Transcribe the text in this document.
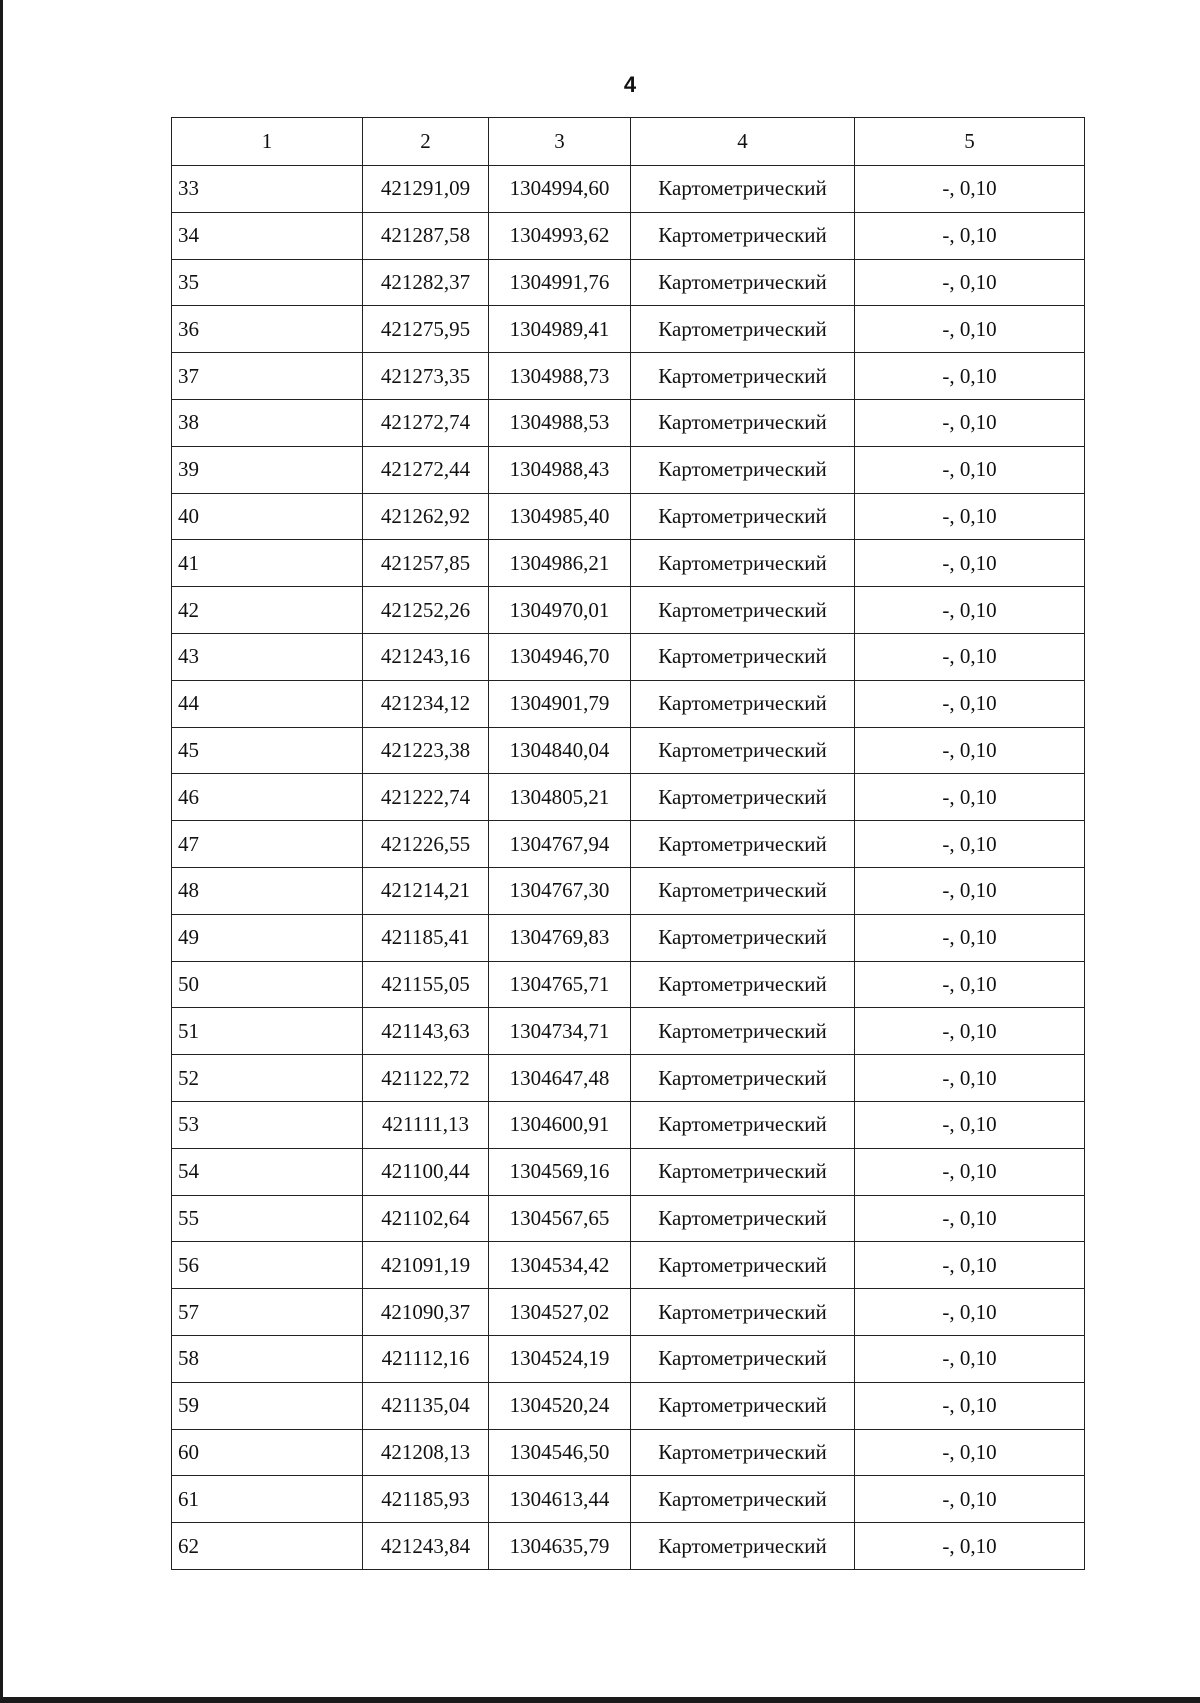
4
1	2	3	4	5
33	421291,09	1304994,60	Картометрический	-, 0,10
34	421287,58	1304993,62	Картометрический	-, 0,10
35	421282,37	1304991,76	Картометрический	-, 0,10
36	421275,95	1304989,41	Картометрический	-, 0,10
37	421273,35	1304988,73	Картометрический	-, 0,10
38	421272,74	1304988,53	Картометрический	-, 0,10
39	421272,44	1304988,43	Картометрический	-, 0,10
40	421262,92	1304985,40	Картометрический	-, 0,10
41	421257,85	1304986,21	Картометрический	-, 0,10
42	421252,26	1304970,01	Картометрический	-, 0,10
43	421243,16	1304946,70	Картометрический	-, 0,10
44	421234,12	1304901,79	Картометрический	-, 0,10
45	421223,38	1304840,04	Картометрический	-, 0,10
46	421222,74	1304805,21	Картометрический	-, 0,10
47	421226,55	1304767,94	Картометрический	-, 0,10
48	421214,21	1304767,30	Картометрический	-, 0,10
49	421185,41	1304769,83	Картометрический	-, 0,10
50	421155,05	1304765,71	Картометрический	-, 0,10
51	421143,63	1304734,71	Картометрический	-, 0,10
52	421122,72	1304647,48	Картометрический	-, 0,10
53	421111,13	1304600,91	Картометрический	-, 0,10
54	421100,44	1304569,16	Картометрический	-, 0,10
55	421102,64	1304567,65	Картометрический	-, 0,10
56	421091,19	1304534,42	Картометрический	-, 0,10
57	421090,37	1304527,02	Картометрический	-, 0,10
58	421112,16	1304524,19	Картометрический	-, 0,10
59	421135,04	1304520,24	Картометрический	-, 0,10
60	421208,13	1304546,50	Картометрический	-, 0,10
61	421185,93	1304613,44	Картометрический	-, 0,10
62	421243,84	1304635,79	Картометрический	-, 0,10
